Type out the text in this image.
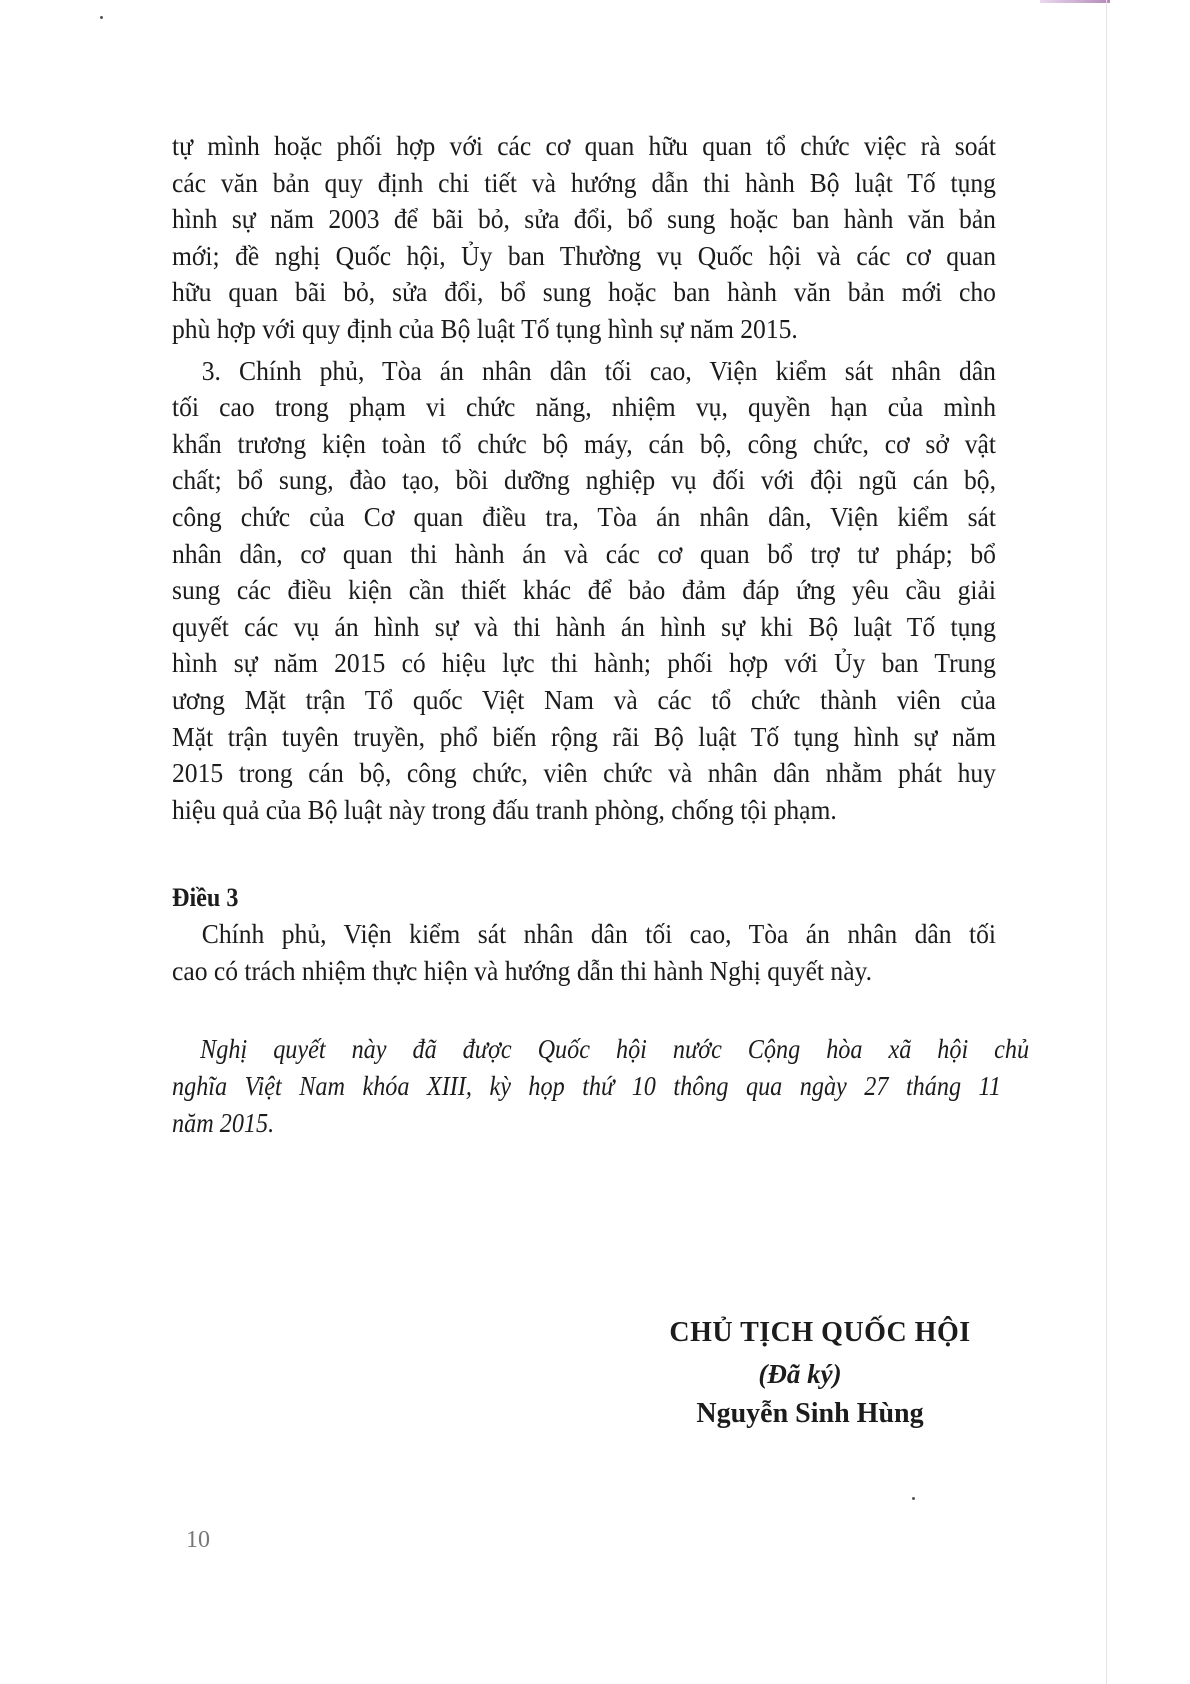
tự mình hoặc phối hợp với các cơ quan hữu quan tổ chức việc rà soát
các văn bản quy định chi tiết và hướng dẫn thi hành Bộ luật Tố tụng
hình sự năm 2003 để bãi bỏ, sửa đổi, bổ sung hoặc ban hành văn bản
mới; đề nghị Quốc hội, Ủy ban Thường vụ Quốc hội và các cơ quan
hữu quan bãi bỏ, sửa đổi, bổ sung hoặc ban hành văn bản mới cho
phù hợp với quy định của Bộ luật Tố tụng hình sự năm 2015.
3. Chính phủ, Tòa án nhân dân tối cao, Viện kiểm sát nhân dân
tối cao trong phạm vi chức năng, nhiệm vụ, quyền hạn của mình
khẩn trương kiện toàn tổ chức bộ máy, cán bộ, công chức, cơ sở vật
chất; bổ sung, đào tạo, bồi dưỡng nghiệp vụ đối với đội ngũ cán bộ,
công chức của Cơ quan điều tra, Tòa án nhân dân, Viện kiểm sát
nhân dân, cơ quan thi hành án và các cơ quan bổ trợ tư pháp; bổ
sung các điều kiện cần thiết khác để bảo đảm đáp ứng yêu cầu giải
quyết các vụ án hình sự và thi hành án hình sự khi Bộ luật Tố tụng
hình sự năm 2015 có hiệu lực thi hành; phối hợp với Ủy ban Trung
ương Mặt trận Tổ quốc Việt Nam và các tổ chức thành viên của
Mặt trận tuyên truyền, phổ biến rộng rãi Bộ luật Tố tụng hình sự năm
2015 trong cán bộ, công chức, viên chức và nhân dân nhằm phát huy
hiệu quả của Bộ luật này trong đấu tranh phòng, chống tội phạm.
Điều 3
Chính phủ, Viện kiểm sát nhân dân tối cao, Tòa án nhân dân tối
cao có trách nhiệm thực hiện và hướng dẫn thi hành Nghị quyết này.
Nghị quyết này đã được Quốc hội nước Cộng hòa xã hội chủ
nghĩa Việt Nam khóa XIII, kỳ họp thứ 10 thông qua ngày 27 tháng 11
năm 2015.
CHỦ TỊCH QUỐC HỘI
(Đã ký)
Nguyễn Sinh Hùng
10
